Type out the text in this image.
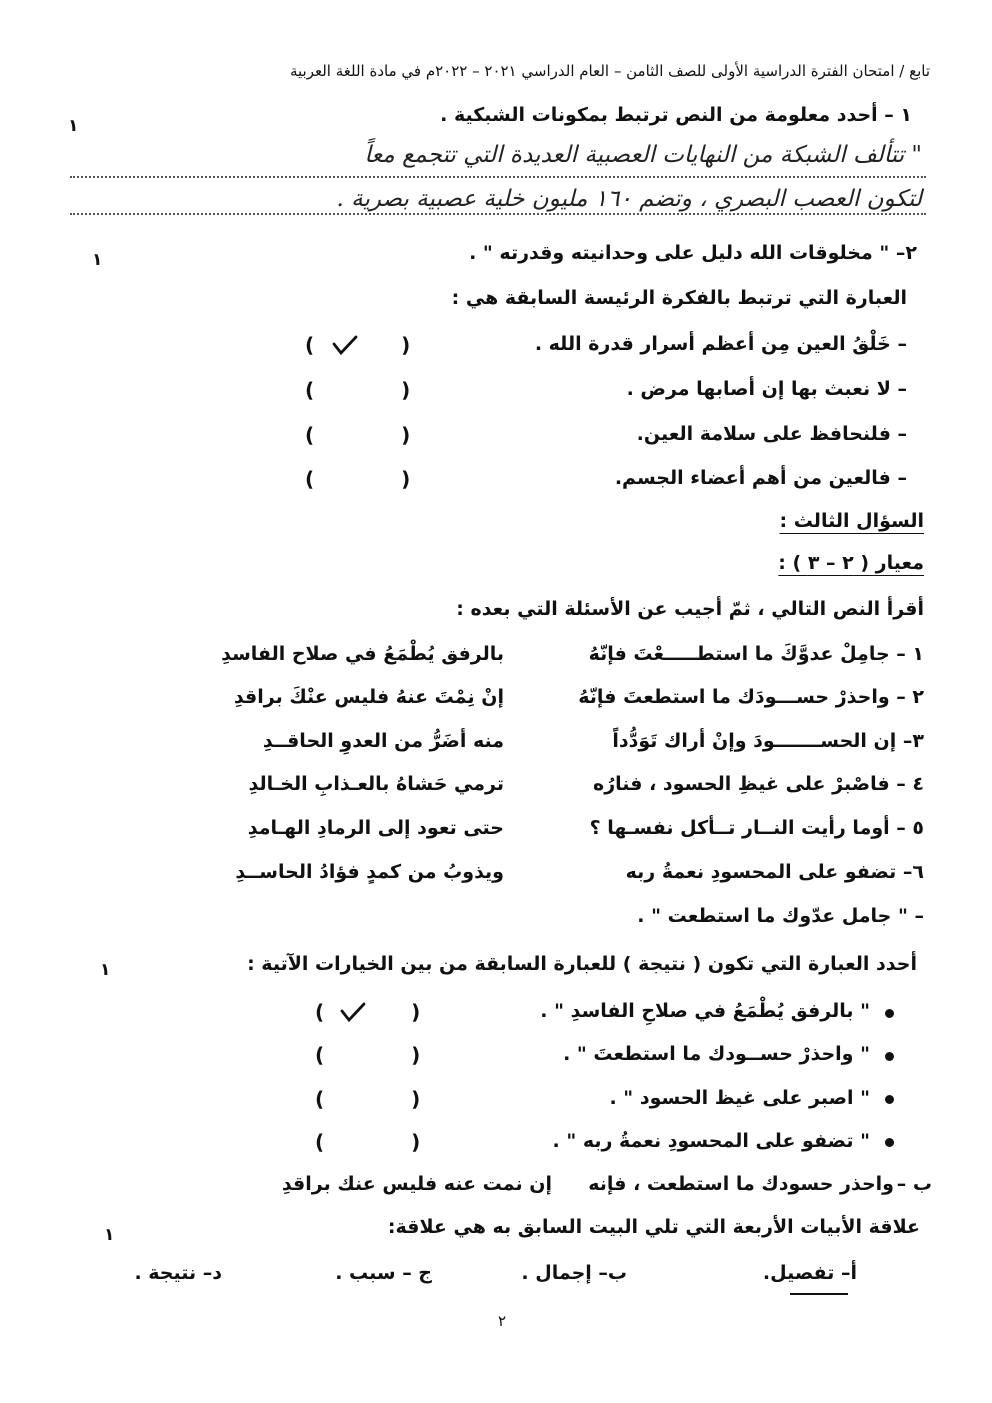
تابع / امتحان الفترة الدراسية الأولى للصف الثامن – العام الدراسي ٢٠٢١ – ٢٠٢٢م في مادة اللغة العربية
١ – أحدد معلومة من النص ترتبط بمكونات الشبكية .
١
" تتألف الشبكة من النهايات العصبية العديدة التي تتجمع معاً
لتكون العصب البصري ، وتضم ١٦٠ مليون خلية عصبية بصرية .
٢– " مخلوقات الله دليل على وحدانيته وقدرته " .
١
العبارة التي ترتبط بالفكرة الرئيسة السابقة هي :
– خَلْقُ العين مِن أعظم أسرار قدرة الله .
– لا نعبث بها إن أصابها مرض .
– فلنحافظ على سلامة العين.
– فالعين من أهم أعضاء الجسم.
( )
( )
( )
( )
السؤال الثالث :
معيار ( ٢ – ٣ ) :
أقرأ النص التالي ، ثمّ أجيب عن الأسئلة التي بعده :
١ – جامِلْ عدوَّكَ ما استطـــــعْتَ فإنّهُ
بالرفق يُطْمَعُ في صلاح الفاسدِ
٢ – واحذرْ حســـودَك ما استطعتَ فإنّهُ
إنْ نِمْتَ عنهُ فليس عنْكَ براقدِ
٣– إن الحســـــــودَ وإنْ أراك تَوَدُّداً
منه أضَرُّ من العدوِ الحاقــدِ
٤ – فاصْبرْ على غيظِ الحسود ، فنارُه
ترمي حَشاهُ بالعـذابِ الخـالدِ
٥ – أوما رأيت النــار تــأكل نفسـها ؟
حتى تعود إلى الرمادِ الهـامدِ
٦– تضفو على المحسودِ نعمةُ ربه
ويذوبُ من كمدٍ فؤادُ الحاســدِ
– " جامل عدّوك ما استطعت " .
أحدد العبارة التي تكون ( نتيجة ) للعبارة السابقة من بين الخيارات الآتية :
١
" بالرفق يُطْمَعُ في صلاحِ الفاسدِ " .
" واحذرْ حســودك ما استطعتَ " .
" اصبر على غيظ الحسود " .
" تضفو على المحسودِ نعمةُ ربه " .
( )
( )
( )
( )
ب –
واحذر حسودك ما استطعت ، فإنه
إن نمت عنه فليس عنك براقدِ
علاقة الأبيات الأربعة التي تلي البيت السابق به هي علاقة:
١
أ– تفصيل.
ب– إجمال .
ج – سبب .
د– نتيجة .
٢
